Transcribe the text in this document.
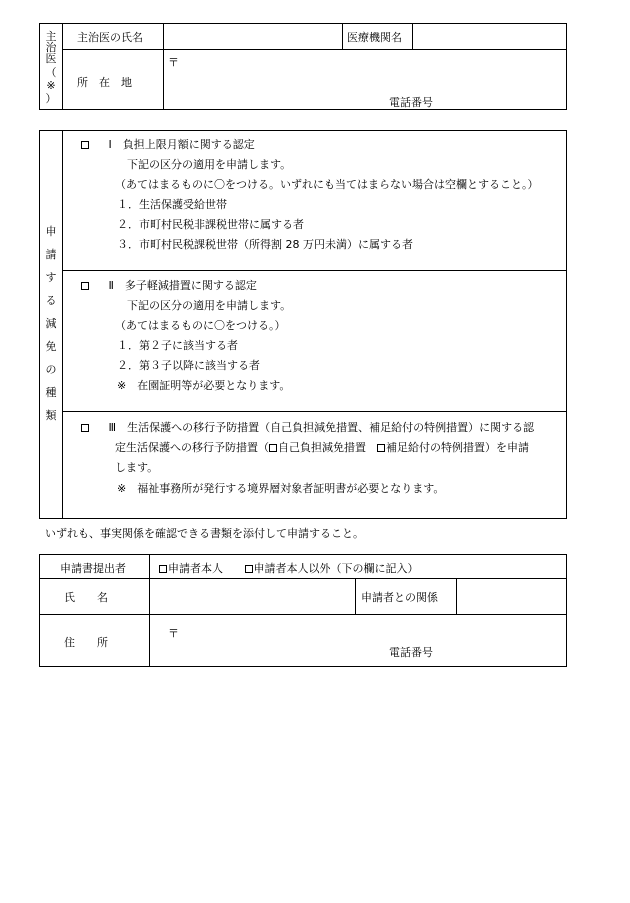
主
治
医
（
※
）
主治医の氏名	医療機関名
所　在　地
〒
電話番号
申
請
す
る
減
免
の
種
類
Ⅰ　負担上限月額に関する認定
下記の区分の適用を申請します。
（あてはまるものに〇をつける。いずれにも当てはまらない場合は空欄とすること。）
１．生活保護受給世帯
２．市町村民税非課税世帯に属する者
３．市町村民税課税世帯（所得割 28 万円未満）に属する者
Ⅱ　多子軽減措置に関する認定
下記の区分の適用を申請します。
（あてはまるものに〇をつける。）
１．第２子に該当する者
２．第３子以降に該当する者
※　在園証明等が必要となります。
Ⅲ　生活保護への移行予防措置（自己負担減免措置、補足給付の特例措置）に関する認
定生活保護への移行予防措置（ 自己負担減免措置　補足給付の特例措置）を申請
します。
※　福祉事務所が発行する境界層対象者証明書が必要となります。
いずれも、事実関係を確認できる書類を添付して申請すること。
申請書提出者	申請者本人	申請者本人以外（下の欄に記入）
氏　　名	申請者との関係
住　　所
〒
電話番号
